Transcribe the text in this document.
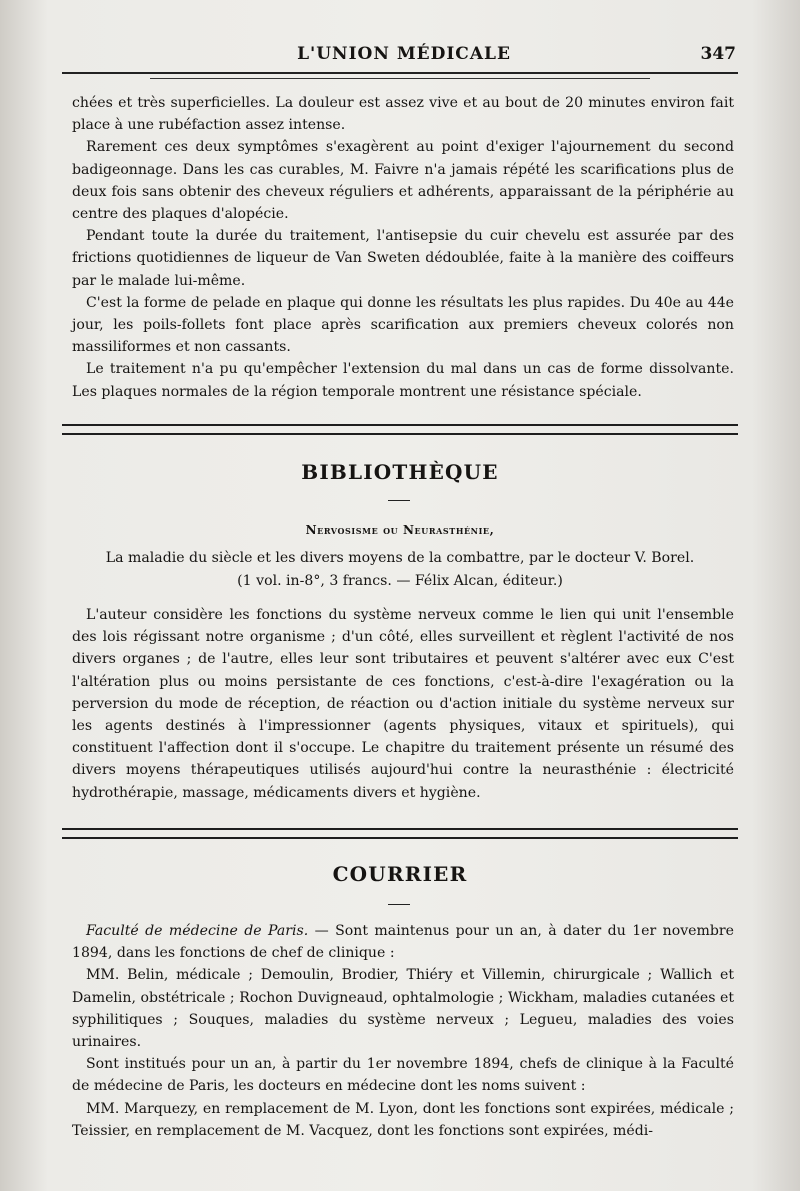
L'UNION MÉDICALE	347

chées et très superficielles. La douleur est assez vive et au bout de 20 minutes environ fait place à une rubéfaction assez intense.

Rarement ces deux symptômes s'exagèrent au point d'exiger l'ajournement du second badigeonnage. Dans les cas curables, M. Faivre n'a jamais répété les scarifications plus de deux fois sans obtenir des cheveux réguliers et adhérents, apparaissant de la périphérie au centre des plaques d'alopécie.

Pendant toute la durée du traitement, l'antisepsie du cuir chevelu est assurée par des frictions quotidiennes de liqueur de Van Sweten dédoublée, faite à la manière des coiffeurs par le malade lui-même.

C'est la forme de pelade en plaque qui donne les résultats les plus rapides. Du 40e au 44e jour, les poils-follets font place après scarification aux premiers cheveux colorés non massiliformes et non cassants.

Le traitement n'a pu qu'empêcher l'extension du mal dans un cas de forme dissolvante. Les plaques normales de la région temporale montrent une résistance spéciale.

BIBLIOTHÈQUE
Nervosisme ou Neurasthénie,
La maladie du siècle et les divers moyens de la combattre, par le docteur V. Borel.
(1 vol. in-8°, 3 francs. — Félix Alcan, éditeur.)

L'auteur considère les fonctions du système nerveux comme le lien qui unit l'ensemble des lois régissant notre organisme ; d'un côté, elles surveillent et règlent l'activité de nos divers organes ; de l'autre, elles leur sont tributaires et peuvent s'altérer avec eux C'est l'altération plus ou moins persistante de ces fonctions, c'est-à-dire l'exagération ou la perversion du mode de réception, de réaction ou d'action initiale du système nerveux sur les agents destinés à l'impressionner (agents physiques, vitaux et spirituels), qui constituent l'affection dont il s'occupe. Le chapitre du traitement présente un résumé des divers moyens thérapeutiques utilisés aujourd'hui contre la neurasthénie : électricité hydrothérapie, massage, médicaments divers et hygiène.

COURRIER

Faculté de médecine de Paris. — Sont maintenus pour un an, à dater du 1er novembre 1894, dans les fonctions de chef de clinique :

MM. Belin, médicale ; Demoulin, Brodier, Thiéry et Villemin, chirurgicale ; Wallich et Damelin, obstétricale ; Rochon Duvigneaud, ophtalmologie ; Wickham, maladies cutanées et syphilitiques ; Souques, maladies du système nerveux ; Legueu, maladies des voies urinaires.

Sont institués pour un an, à partir du 1er novembre 1894, chefs de clinique à la Faculté de médecine de Paris, les docteurs en médecine dont les noms suivent :

MM. Marquezy, en remplacement de M. Lyon, dont les fonctions sont expirées, médicale ; Teissier, en remplacement de M. Vacquez, dont les fonctions sont expirées, médi-
